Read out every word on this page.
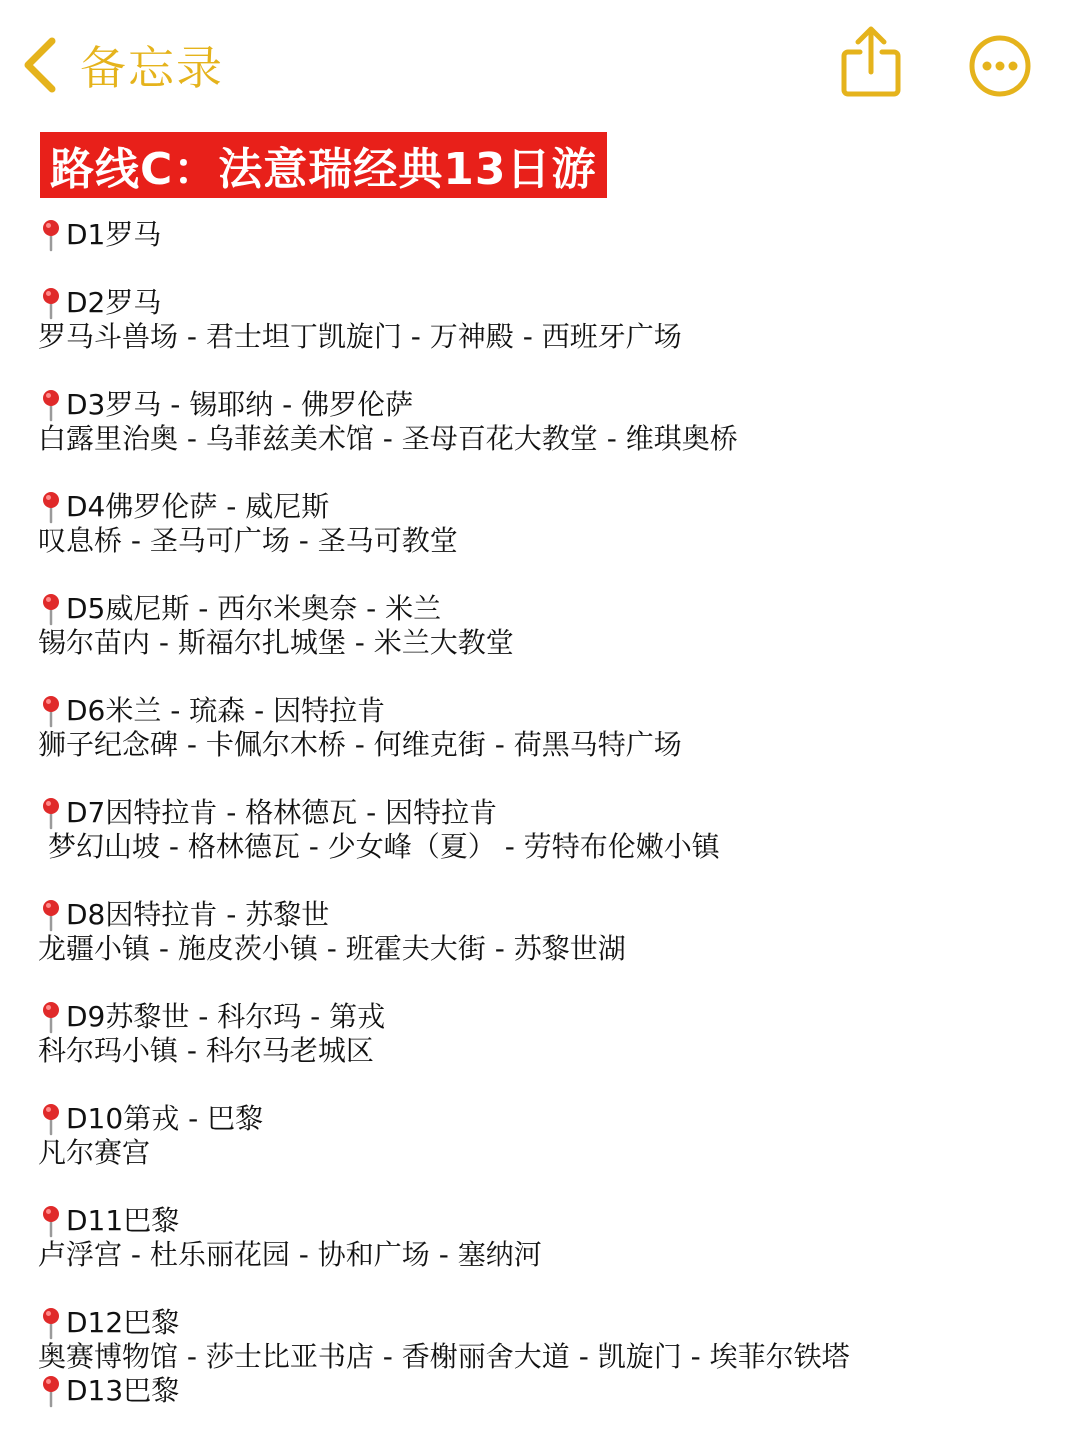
备忘录
路线C：法意瑞经典13日游
D1罗马
D2罗马
罗马斗兽场 - 君士坦丁凯旋门 - 万神殿 - 西班牙广场
D3罗马 - 锡耶纳 - 佛罗伦萨
白露里治奥 - 乌菲兹美术馆 - 圣母百花大教堂 - 维琪奥桥
D4佛罗伦萨 - 威尼斯
叹息桥 - 圣马可广场 - 圣马可教堂
D5威尼斯 - 西尔米奥奈 - 米兰
锡尔苗内 - 斯福尔扎城堡 - 米兰大教堂
D6米兰 - 琉森 - 因特拉肯
狮子纪念碑 - 卡佩尔木桥 - 何维克街 - 荷黑马特广场
D7因特拉肯 - 格林德瓦 - 因特拉肯
梦幻山坡 - 格林德瓦 - 少女峰（夏） - 劳特布伦嫩小镇
D8因特拉肯 - 苏黎世
龙疆小镇 - 施皮茨小镇 - 班霍夫大街 - 苏黎世湖
D9苏黎世 - 科尔玛 - 第戎
科尔玛小镇 - 科尔马老城区
D10第戎 - 巴黎
凡尔赛宫
D11巴黎
卢浮宫 - 杜乐丽花园 - 协和广场 - 塞纳河
D12巴黎
奥赛博物馆 - 莎士比亚书店 - 香榭丽舍大道 - 凯旋门 - 埃菲尔铁塔
D13巴黎
